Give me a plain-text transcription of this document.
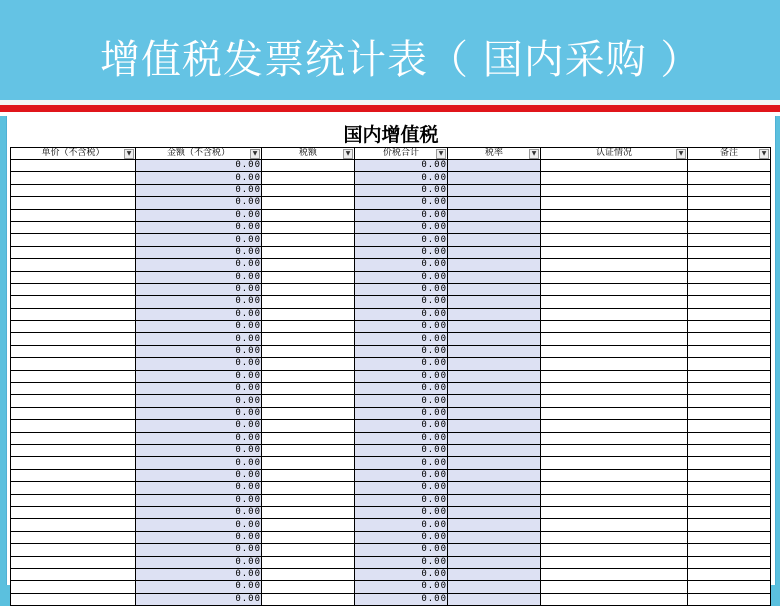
增值税发票统计表（ 国内采购 ）
国内增值税
单价（不含税） ▼	金额（不含税） ▼	税额 ▼	价税合计 ▼	税率 ▼	认证情况 ▼	备注 ▼

	0.00		0.00			
	0.00		0.00			
	0.00		0.00			
	0.00		0.00			
	0.00		0.00			
	0.00		0.00			
	0.00		0.00			
	0.00		0.00			
	0.00		0.00			
	0.00		0.00			
	0.00		0.00			
	0.00		0.00			
	0.00		0.00			
	0.00		0.00			
	0.00		0.00			
	0.00		0.00			
	0.00		0.00			
	0.00		0.00			
	0.00		0.00			
	0.00		0.00			
	0.00		0.00			
	0.00		0.00			
	0.00		0.00			
	0.00		0.00			
	0.00		0.00			
	0.00		0.00			
	0.00		0.00			
	0.00		0.00			
	0.00		0.00			
	0.00		0.00			
	0.00		0.00			
	0.00		0.00			
	0.00		0.00			
	0.00		0.00			
	0.00		0.00			
	0.00		0.00			
